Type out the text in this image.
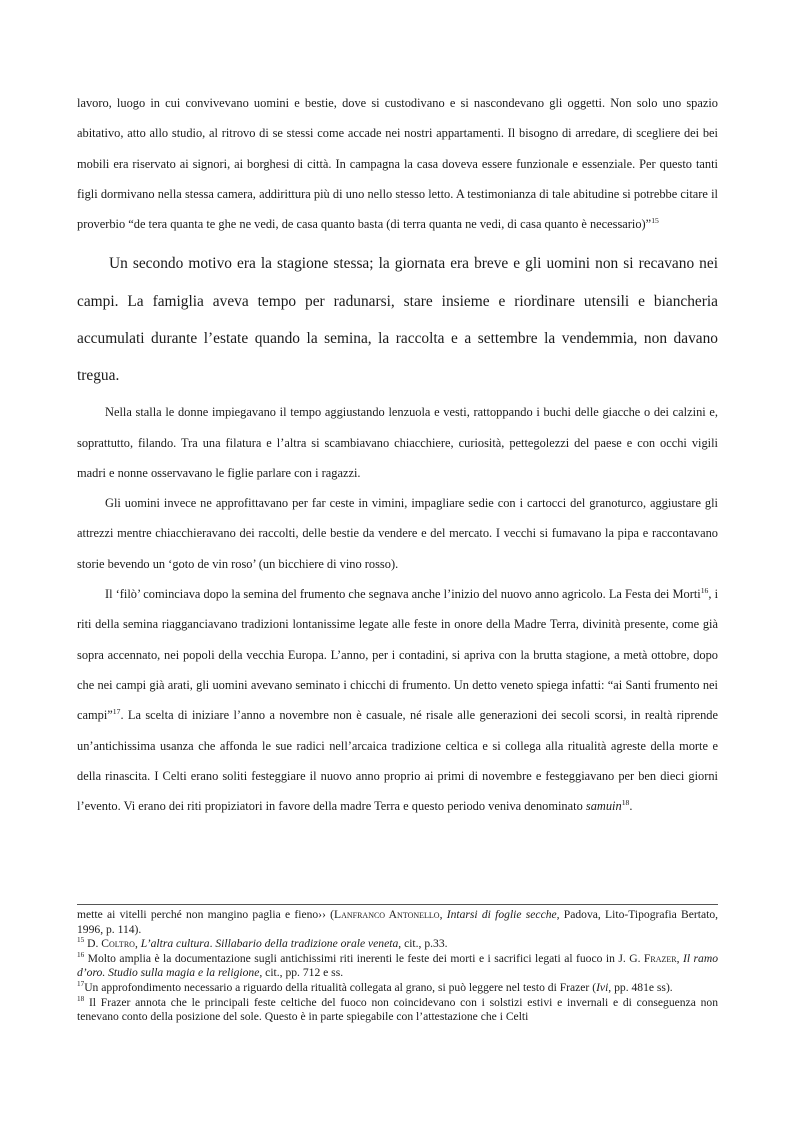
lavoro, luogo in cui convivevano uomini e bestie, dove si custodivano e si nascondevano gli oggetti. Non solo uno spazio abitativo, atto allo studio, al ritrovo di se stessi come accade nei nostri appartamenti. Il bisogno di arredare, di scegliere dei bei mobili era riservato ai signori, ai borghesi di città. In campagna la casa doveva essere funzionale e essenziale. Per questo tanti figli dormivano nella stessa camera, addirittura più di uno nello stesso letto. A testimonianza di tale abitudine si potrebbe citare il proverbio “de tera quanta te ghe ne vedi, de casa quanto basta (di terra quanta ne vedi, di casa quanto è necessario)”$^{15}$

Un secondo motivo era la stagione stessa; la giornata era breve e gli uomini non si recavano nei campi. La famiglia aveva tempo per radunarsi, stare insieme e riordinare utensili e biancheria accumulati durante l’estate quando la semina, la raccolta e a settembre la vendemmia, non davano tregua.

Nella stalla le donne impiegavano il tempo aggiustando lenzuola e vesti, rattoppando i buchi delle giacche o dei calzini e, soprattutto, filando. Tra una filatura e l’altra si scambiavano chiacchiere, curiosità, pettegolezzi del paese e con occhi vigili madri e nonne osservavano le figlie parlare con i ragazzi.

Gli uomini invece ne approfittavano per far ceste in vimini, impagliare sedie con i cartocci del granoturco, aggiustare gli attrezzi mentre chiacchieravano dei raccolti, delle bestie da vendere e del mercato. I vecchi si fumavano la pipa e raccontavano storie bevendo un ‘goto de vin roso’ (un bicchiere di vino rosso).

Il ‘filò’ cominciava dopo la semina del frumento che segnava anche l’inizio del nuovo anno agricolo. La Festa dei Morti$^{16}$, i riti della semina riagganciavano tradizioni lontanissime legate alle feste in onore della Madre Terra, divinità presente, come già sopra accennato, nei popoli della vecchia Europa. L’anno, per i contadini, si apriva con la brutta stagione, a metà ottobre, dopo che nei campi già arati, gli uomini avevano seminato i chicchi di frumento. Un detto veneto spiega infatti: “ai Santi frumento nei campi”$^{17}$. La scelta di iniziare l’anno a novembre non è casuale, né risale alle generazioni dei secoli scorsi, in realtà riprende un’antichissima usanza che affonda le sue radici nell’arcaica tradizione celtica e si collega alla ritualità agreste della morte e della rinascita. I Celti erano soliti festeggiare il nuovo anno proprio ai primi di novembre e festeggiavano per ben dieci giorni l’evento. Vi erano dei riti propiziatori in favore della madre Terra e questo periodo veniva denominato samuin$^{18}$.

mette ai vitelli perché non mangino paglia e fieno›› (Lanfranco Antonello, Intarsi di foglie secche, Padova, Lito-Tipografia Bertato, 1996, p. 114).

$^{15}$ D. Coltro, L’altra cultura. Sillabario della tradizione orale veneta, cit., p.33.

$^{16}$ Molto amplia è la documentazione sugli antichissimi riti inerenti le feste dei morti e i sacrifici legati al fuoco in J. G. Frazer, Il ramo d’oro. Studio sulla magia e la religione, cit., pp. 712 e ss.

$^{17}$Un approfondimento necessario a riguardo della ritualità collegata al grano, si può leggere nel testo di Frazer (Ivi, pp. 481e ss).

$^{18}$ Il Frazer annota che le principali feste celtiche del fuoco non coincidevano con i solstizi estivi e invernali e di conseguenza non tenevano conto della posizione del sole. Questo è in parte spiegabile con l’attestazione che i Celti
